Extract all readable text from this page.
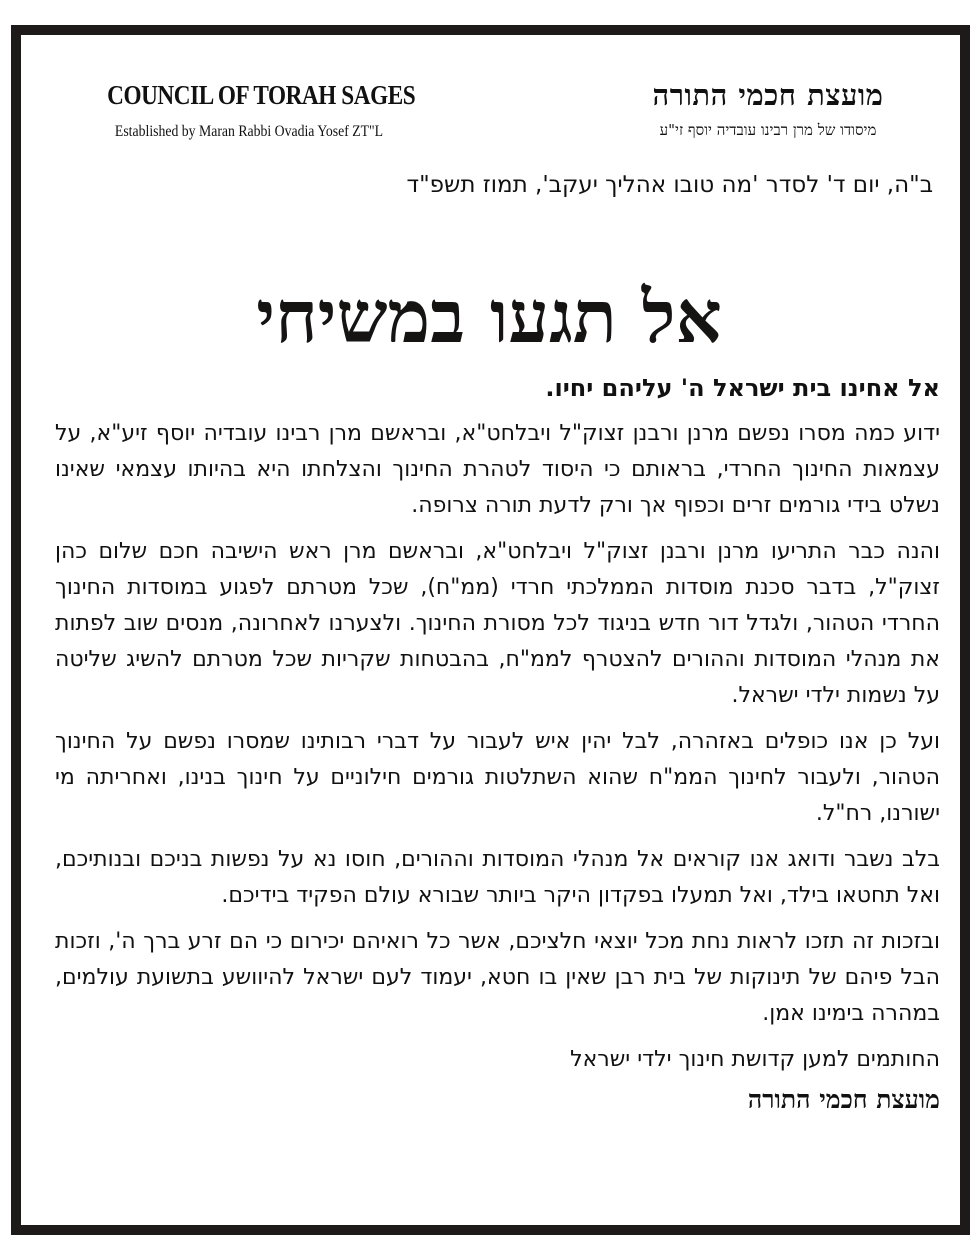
COUNCIL OF TORAH SAGES
Established by Maran Rabbi Ovadia Yosef ZT"L
מועצת חכמי התורה
מיסודו של מרן רבינו עובדיה יוסף זי"ע
ב"ה, יום ד' לסדר 'מה טובו אהליך יעקב', תמוז תשפ"ד
אל תגעו במשיחי

אל אחינו בית ישראל ה' עליהם יחיו.

ידוע כמה מסרו נפשם מרנן ורבנן זצוק"ל ויבלחט"א, ובראשם מרן רבינו עובדיה יוסף זיע"א, על עצמאות החינוך החרדי, בראותם כי היסוד לטהרת החינוך והצלחתו היא בהיותו עצמאי שאינו נשלט בידי גורמים זרים וכפוף אך ורק לדעת תורה צרופה.

והנה כבר התריעו מרנן ורבנן זצוק"ל ויבלחט"א, ובראשם מרן ראש הישיבה חכם שלום כהן זצוק"ל, בדבר סכנת מוסדות הממלכתי חרדי (ממ"ח), שכל מטרתם לפגוע במוסדות החינוך החרדי הטהור, ולגדל דור חדש בניגוד לכל מסורת החינוך. ולצערנו לאחרונה, מנסים שוב לפתות את מנהלי המוסדות וההורים להצטרף לממ"ח, בהבטחות שקריות שכל מטרתם להשיג שליטה על נשמות ילדי ישראל.

ועל כן אנו כופלים באזהרה, לבל יהין איש לעבור על דברי רבותינו שמסרו נפשם על החינוך הטהור, ולעבור לחינוך הממ"ח שהוא השתלטות גורמים חילוניים על חינוך בנינו, ואחריתה מי ישורנו, רח"ל.

בלב נשבר ודואג אנו קוראים אל מנהלי המוסדות וההורים, חוסו נא על נפשות בניכם ובנותיכם, ואל תחטאו בילד, ואל תמעלו בפקדון היקר ביותר שבורא עולם הפקיד בידיכם.

ובזכות זה תזכו לראות נחת מכל יוצאי חלציכם, אשר כל רואיהם יכירום כי הם זרע ברך ה', וזכות הבל פיהם של תינוקות של בית רבן שאין בו חטא, יעמוד לעם ישראל להיוושע בתשועת עולמים, במהרה בימינו אמן.

החותמים למען קדושת חינוך ילדי ישראל

מועצת חכמי התורה
